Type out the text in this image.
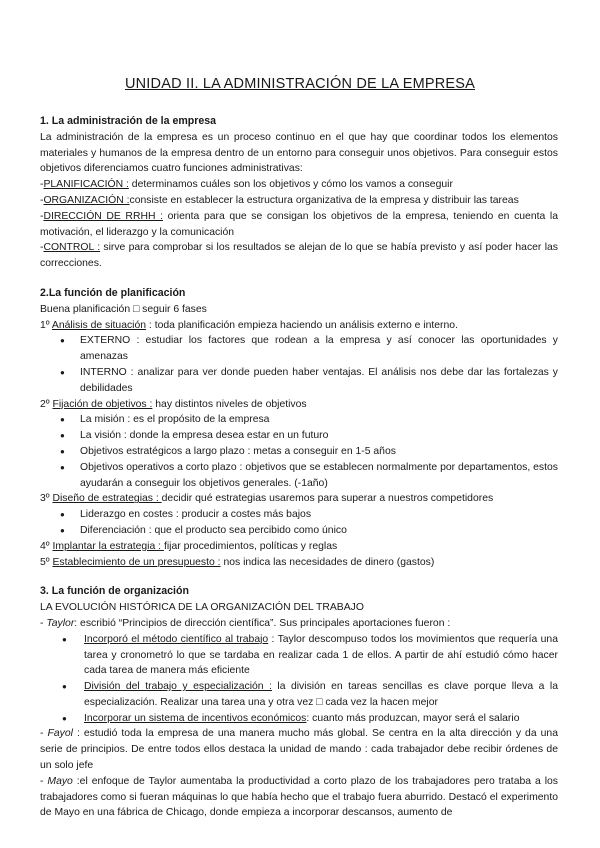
UNIDAD II. LA ADMINISTRACIÓN DE LA EMPRESA
1. La administración de la empresa
La administración de la empresa es un proceso continuo en el que hay que coordinar todos los elementos materiales y humanos de la empresa dentro de un entorno para conseguir unos objetivos. Para conseguir estos objetivos diferenciamos cuatro funciones administrativas:
-PLANIFICACIÓN : determinamos cuáles son los objetivos y cómo los vamos a conseguir
-ORGANIZACIÓN :consiste en establecer la estructura organizativa de la empresa y distribuir las tareas
-DIRECCIÓN DE RRHH : orienta para que se consigan los objetivos de la empresa, teniendo en cuenta la motivación, el liderazgo y la comunicación
-CONTROL : sirve para comprobar si los resultados se alejan de lo que se había previsto y así poder hacer las correcciones.
2.La función de planificación
Buena planificación □ seguir 6 fases
1º Análisis de situación : toda planificación empieza haciendo un análisis externo e interno.
● EXTERNO : estudiar los factores que rodean a la empresa y así conocer las oportunidades y amenazas
● INTERNO : analizar para ver donde pueden haber ventajas. El análisis nos debe dar las fortalezas y debilidades
2º Fijación de objetivos : hay distintos niveles de objetivos
● La misión : es el propósito de la empresa
● La visión : donde la empresa desea estar en un futuro
● Objetivos estratégicos a largo plazo : metas a conseguir en 1-5 años
● Objetivos operativos a corto plazo : objetivos que se establecen normalmente por departamentos, estos ayudarán a conseguir los objetivos generales. (-1año)
3º Diseño de estrategias : decidir qué estrategias usaremos para superar a nuestros competidores
● Liderazgo en costes : producir a costes más bajos
● Diferenciación : que el producto sea percibido como único
4º Implantar la estrategia : fijar procedimientos, políticas y reglas
5º Establecimiento de un presupuesto : nos indica las necesidades de dinero (gastos)
3. La función de organización
LA EVOLUCIÓN HISTÓRICA DE LA ORGANIZACIÓN DEL TRABAJO
- Taylor: escribió “Principios de dirección científica”. Sus principales aportaciones fueron :
● Incorporó el método científico al trabajo : Taylor descompuso todos los movimientos que requería una tarea y cronometró lo que se tardaba en realizar cada 1 de ellos. A partir de ahí estudió cómo hacer cada tarea de manera más eficiente
● División del trabajo y especialización : la división en tareas sencillas es clave porque lleva a la especialización. Realizar una tarea una y otra vez □ cada vez la hacen mejor
● Incorporar un sistema de incentivos económicos: cuanto más produzcan, mayor será el salario
- Fayol : estudió toda la empresa de una manera mucho más global. Se centra en la alta dirección y da una serie de principios. De entre todos ellos destaca la unidad de mando : cada trabajador debe recibir órdenes de un solo jefe
- Mayo :el enfoque de Taylor aumentaba la productividad a corto plazo de los trabajadores pero trataba a los trabajadores como si fueran máquinas lo que había hecho que el trabajo fuera aburrido. Destacó el experimento de Mayo en una fábrica de Chicago, donde empieza a incorporar descansos, aumento de
